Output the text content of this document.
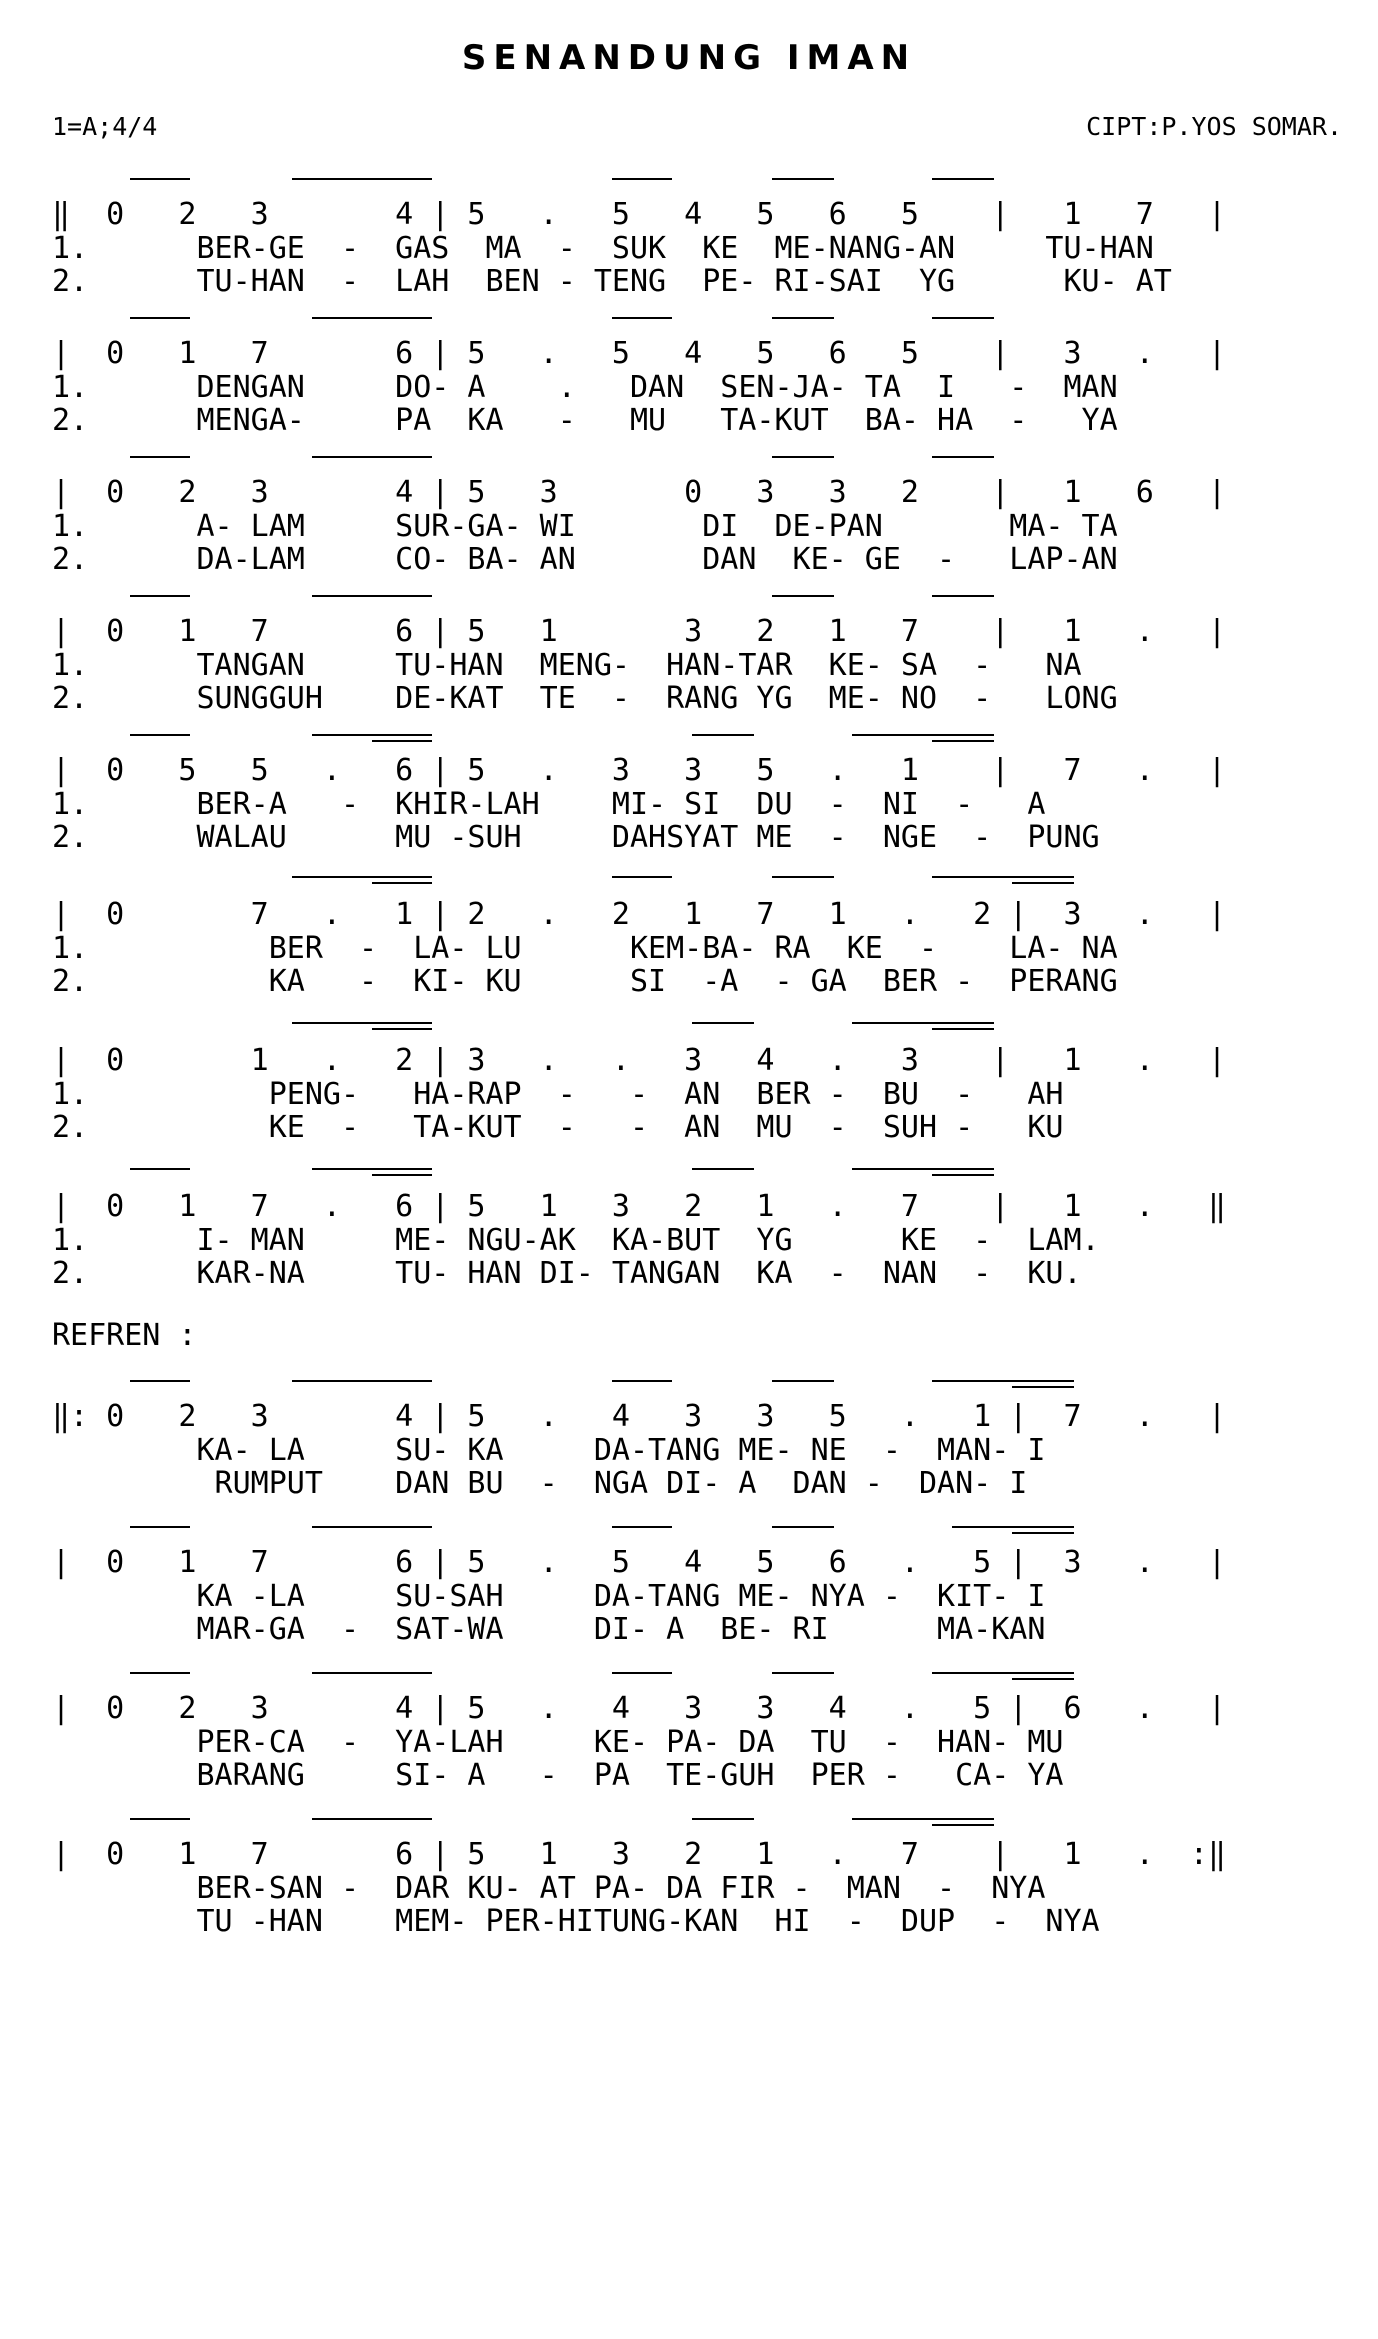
SENANDUNG IMAN
1=A;4/4	CIPT:P.YOS SOMAR.
‖  0   2   3       4 | 5   .   5   4   5   6   5    |   1   7   |
1.      BER-GE  -  GAS  MA  -  SUK  KE  ME-NANG-AN     TU-HAN
2.      TU-HAN  -  LAH  BEN - TENG  PE- RI-SAI  YG      KU- AT
|  0   1   7       6 | 5   .   5   4   5   6   5    |   3   .   |
1.      DENGAN     DO- A    .   DAN  SEN-JA- TA  I   -  MAN
2.      MENGA-     PA  KA   -   MU   TA-KUT  BA- HA  -   YA
|  0   2   3       4 | 5   3       0   3   3   2    |   1   6   |
1.      A- LAM     SUR-GA- WI       DI  DE-PAN       MA- TA
2.      DA-LAM     CO- BA- AN       DAN  KE- GE  -   LAP-AN
|  0   1   7       6 | 5   1       3   2   1   7    |   1   .   |
1.      TANGAN     TU-HAN  MENG-  HAN-TAR  KE- SA  -   NA
2.      SUNGGUH    DE-KAT  TE  -  RANG YG  ME- NO  -   LONG
|  0   5   5   .   6 | 5   .   3   3   5   .   1    |   7   .   |
1.      BER-A   -  KHIR-LAH    MI- SI  DU  -  NI  -   A
2.      WALAU      MU -SUH     DAHSYAT ME  -  NGE  -  PUNG
|  0       7   .   1 | 2   .   2   1   7   1   .   2 |  3   .   |
1.          BER  -  LA- LU      KEM-BA- RA  KE  -    LA- NA
2.          KA   -  KI- KU      SI  -A  - GA  BER -  PERANG
|  0       1   .   2 | 3   .   .   3   4   .   3    |   1   .   |
1.          PENG-   HA-RAP  -   -  AN  BER -  BU  -   AH
2.          KE  -   TA-KUT  -   -  AN  MU  -  SUH -   KU
|  0   1   7   .   6 | 5   1   3   2   1   .   7    |   1   .   ‖
1.      I- MAN     ME- NGU-AK  KA-BUT  YG      KE  -  LAM.
2.      KAR-NA     TU- HAN DI- TANGAN  KA  -  NAN  -  KU.
REFREN :
‖: 0   2   3       4 | 5   .   4   3   3   5   .   1 |  7   .   |
KA- LA     SU- KA     DA-TANG ME- NE  -  MAN- I
RUMPUT    DAN BU  -  NGA DI- A  DAN -  DAN- I
|  0   1   7       6 | 5   .   5   4   5   6   .   5 |  3   .   |
KA -LA     SU-SAH     DA-TANG ME- NYA -  KIT- I
MAR-GA  -  SAT-WA     DI- A  BE- RI      MA-KAN
|  0   2   3       4 | 5   .   4   3   3   4   .   5 |  6   .   |
PER-CA  -  YA-LAH     KE- PA- DA  TU  -  HAN- MU
BARANG     SI- A   -  PA  TE-GUH  PER -   CA- YA
|  0   1   7       6 | 5   1   3   2   1   .   7    |   1   .  :‖
BER-SAN -  DAR KU- AT PA- DA FIR -  MAN  -  NYA
TU -HAN    MEM- PER-HITUNG-KAN  HI  -  DUP  -  NYA
